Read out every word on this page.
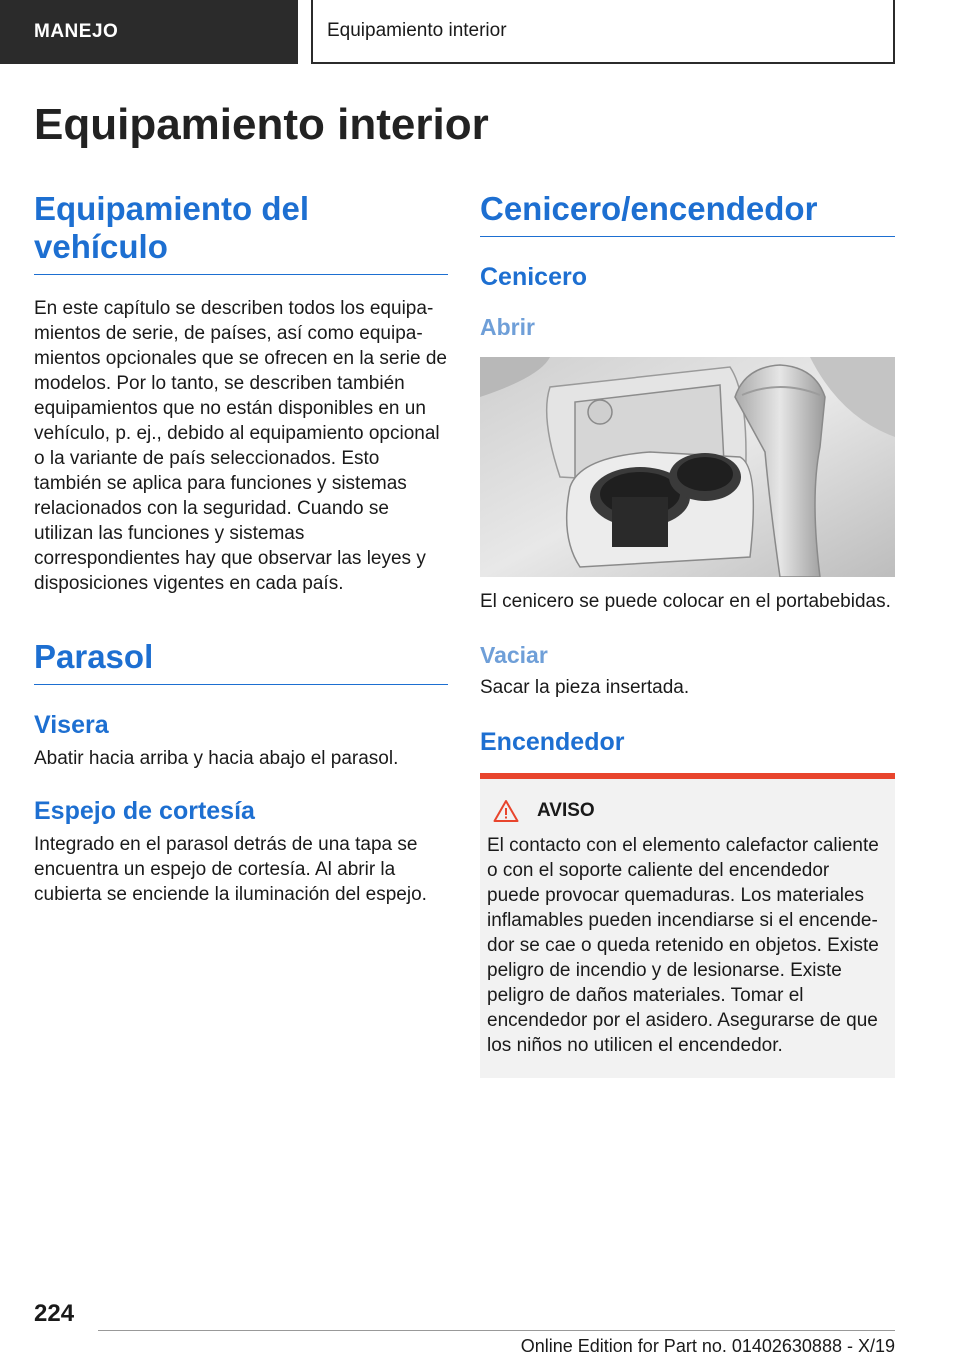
MANEJO	Equipamiento interior
Equipamiento interior
Equipamiento del vehículo

En este capítulo se describen todos los equipamientos de serie, de países, así como equipamientos opcionales que se ofrecen en la serie de modelos. Por lo tanto, se describen también equipamientos que no están disponibles en un vehículo, p. ej., debido al equipamiento opcional o la variante de país seleccionados. Esto también se aplica para funciones y sistemas relacionados con la seguridad. Cuando se utilizan las funciones y sistemas correspondientes hay que observar las leyes y disposiciones vigentes en cada país.

Parasol
Visera

Abatir hacia arriba y hacia abajo el parasol.

Espejo de cortesía

Integrado en el parasol detrás de una tapa se encuentra un espejo de cortesía. Al abrir la cubierta se enciende la iluminación del espejo.

Cenicero/encendedor
Cenicero
Abrir

El cenicero se puede colocar en el portabebidas.

Vaciar

Sacar la pieza insertada.

Encendedor
AVISO

El contacto con el elemento calefactor caliente o con el soporte caliente del encendedor puede provocar quemaduras. Los materiales inflamables pueden incendiarse si el encendedor se cae o queda retenido en objetos. Existe peligro de incendio y de lesionarse. Existe peligro de daños materiales. Tomar el encendedor por el asidero. Asegurarse de que los niños no utilicen el encendedor.

224
Online Edition for Part no. 01402630888 - X/19
